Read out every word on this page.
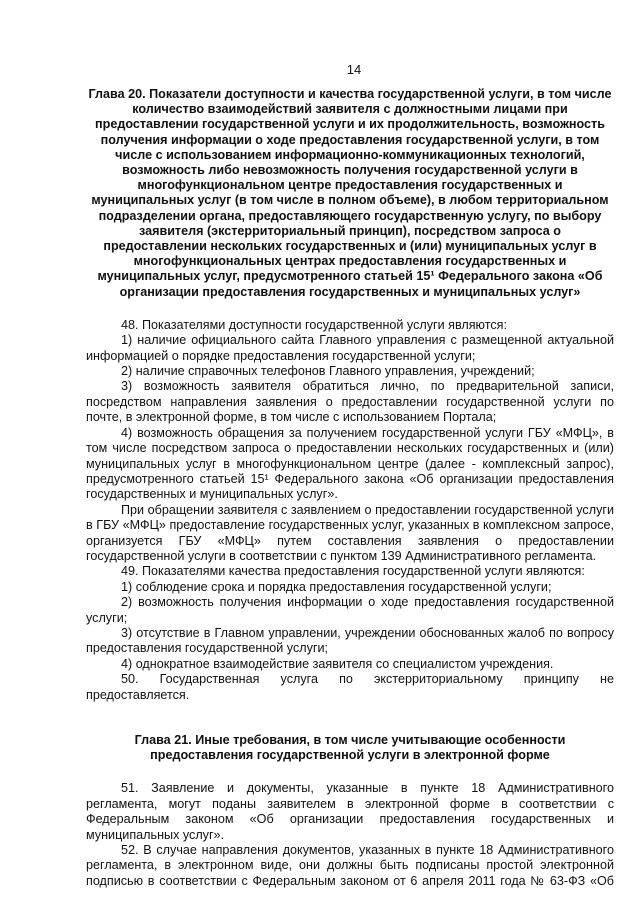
14
Глава 20. Показатели доступности и качества государственной услуги, в том числе количество взаимодействий заявителя с должностными лицами при предоставлении государственной услуги и их продолжительность, возможность получения информации о ходе предоставления государственной услуги, в том числе с использованием информационно-коммуникационных технологий, возможность либо невозможность получения государственной услуги в многофункциональном центре предоставления государственных и муниципальных услуг (в том числе в полном объеме), в любом территориальном подразделении органа, предоставляющего государственную услугу, по выбору заявителя (экстерриториальный принцип), посредством запроса о предоставлении нескольких государственных и (или) муниципальных услуг в многофункциональных центрах предоставления государственных и муниципальных услуг, предусмотренного статьей 15¹ Федерального закона «Об организации предоставления государственных и муниципальных услуг»

48. Показателями доступности государственной услуги являются:

1) наличие официального сайта Главного управления с размещенной актуальной информацией о порядке предоставления государственной услуги;

2) наличие справочных телефонов Главного управления, учреждений;

3) возможность заявителя обратиться лично, по предварительной записи, посредством направления заявления о предоставлении государственной услуги по почте, в электронной форме, в том числе с использованием Портала;

4) возможность обращения за получением государственной услуги ГБУ «МФЦ», в том числе посредством запроса о предоставлении нескольких государственных и (или) муниципальных услуг в многофункциональном центре (далее - комплексный запрос), предусмотренного статьей 15¹ Федерального закона «Об организации предоставления государственных и муниципальных услуг».

При обращении заявителя с заявлением о предоставлении государственной услуги в ГБУ «МФЦ» предоставление государственных услуг, указанных в комплексном запросе, организуется ГБУ «МФЦ» путем составления заявления о предоставлении государственной услуги в соответствии с пунктом 139 Административного регламента.

49. Показателями качества предоставления государственной услуги являются:

1) соблюдение срока и порядка предоставления государственной услуги;

2) возможность получения информации о ходе предоставления государственной услуги;

3) отсутствие в Главном управлении, учреждении обоснованных жалоб по вопросу предоставления государственной услуги;

4) однократное взаимодействие заявителя со специалистом учреждения.

50. Государственная услуга по экстерриториальному принципу не предоставляется.

Глава 21. Иные требования, в том числе учитывающие особенности предоставления государственной услуги в электронной форме

51. Заявление и документы, указанные в пункте 18 Административного регламента, могут поданы заявителем в электронной форме в соответствии с Федеральным законом «Об организации предоставления государственных и муниципальных услуг».

52. В случае направления документов, указанных в пункте 18 Административного регламента, в электронном виде, они должны быть подписаны простой электронной подписью в соответствии с Федеральным законом от 6 апреля 2011 года № 63-ФЗ «Об
